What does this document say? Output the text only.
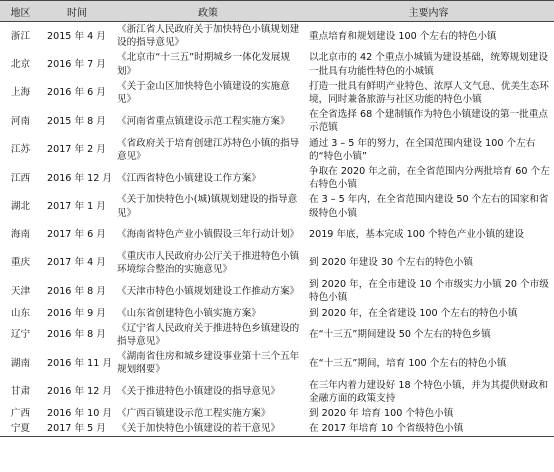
地区	时间	政策	主要内容
浙江	2015 年 4 月	《浙江省人民政府关于加快特色小镇规划建设的指导意见》	重点培育和规划建设 100 个左右的特色小镇
北京	2016 年 7 月	《北京市“十三五”时期城乡一体化发展规划》	以北京市的 42 个重点小城镇为建设基础，统筹规划建设一批具有功能性特色的小城镇
上海	2016 年 6 月	《关于金山区加快特色小镇建设的实施意见》	打造一批具有鲜明产业特色、浓厚人文气息、优美生态环境，同时兼备旅游与社区功能的特色小镇
河南	2015 年 8 月	《河南省重点镇建设示范工程实施方案》	在全省选择 68 个建制镇作为特色小镇建设的第一批重点示范镇
江苏	2017 年 2 月	《省政府关于培育创建江苏特色小镇的指导意见》	通过 3 – 5 年的努力，在全国范围内建设 100 个左右的“特色小镇”
江西	2016 年 12 月	《江西省特色小镇建设工作方案》	争取在 2020 年之前，在全省范围内分两批培育 60 个左右特色小镇
湖北	2017 年 1 月	《关于加快特色小(城)镇规划建设的指导意见》	在 3 – 5 年内，在全省范围内建设 50 个左右的国家和省级特色小镇
海南	2017 年 6 月	《海南省特色产业小镇假设三年行动计划》	2019 年底，基本完成 100 个特色产业小镇的建设
重庆	2017 年 4 月	《重庆市人民政府办公厅关于推进特色小镇环境综合整治的实施意见》	到 2020 年建设 30 个左右的特色小镇
天津	2016 年 8 月	《天津市特色小镇规划建设工作推动方案》	到 2020 年，在全市建设 10 个市级实力小镇 20 个市级特色小镇
山东	2016 年 9 月	《山东省创建特色小镇实施方案》	到 2020 年，在全省建设 100 个左右的特色小镇
辽宁	2016 年 8 月	《辽宁省人民政府关于推进特色乡镇建设的指导意见》	在“十三五”期间建设 50 个左右的特色乡镇
湖南	2016 年 11 月	《湖南省住房和城乡建设事业第十三个五年规划纲要》	在“十三五”期间，培育 100 个左右的特色小镇
甘肃	2016 年 12 月	《关于推进特色小镇建设的指导意见》	在三年内着力建设好 18 个特色小镇，并为其提供财政和金融方面的政策支持
广西	2016 年 10 月	《广西百镇建设示范工程实施方案》	到 2020 年 培育 100 个特色小镇
宁夏	2017 年 5 月	《关于加快特色小镇建设的若干意见》	在 2017 年培育 10 个省级特色小镇
